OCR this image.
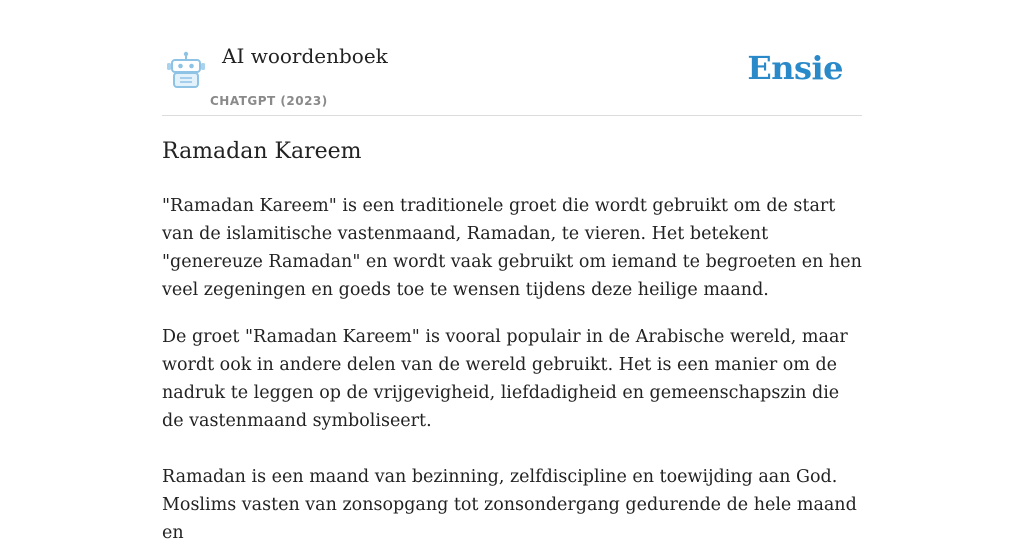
AI woordenboek
CHATGPT (2023)
Ensie
Ramadan Kareem

"Ramadan Kareem" is een traditionele groet die wordt gebruikt om de start van de islamitische vastenmaand, Ramadan, te vieren. Het betekent "genereuze Ramadan" en wordt vaak gebruikt om iemand te begroeten en hen veel zegeningen en goeds toe te wensen tijdens deze heilige maand.

De groet "Ramadan Kareem" is vooral populair in de Arabische wereld, maar wordt ook in andere delen van de wereld gebruikt. Het is een manier om de nadruk te leggen op de vrijgevigheid, liefdadigheid en gemeenschapszin die de vastenmaand symboliseert.

Ramadan is een maand van bezinning, zelfdiscipline en toewijding aan God. Moslims vasten van zonsopgang tot zonsondergang gedurende de hele maand en
